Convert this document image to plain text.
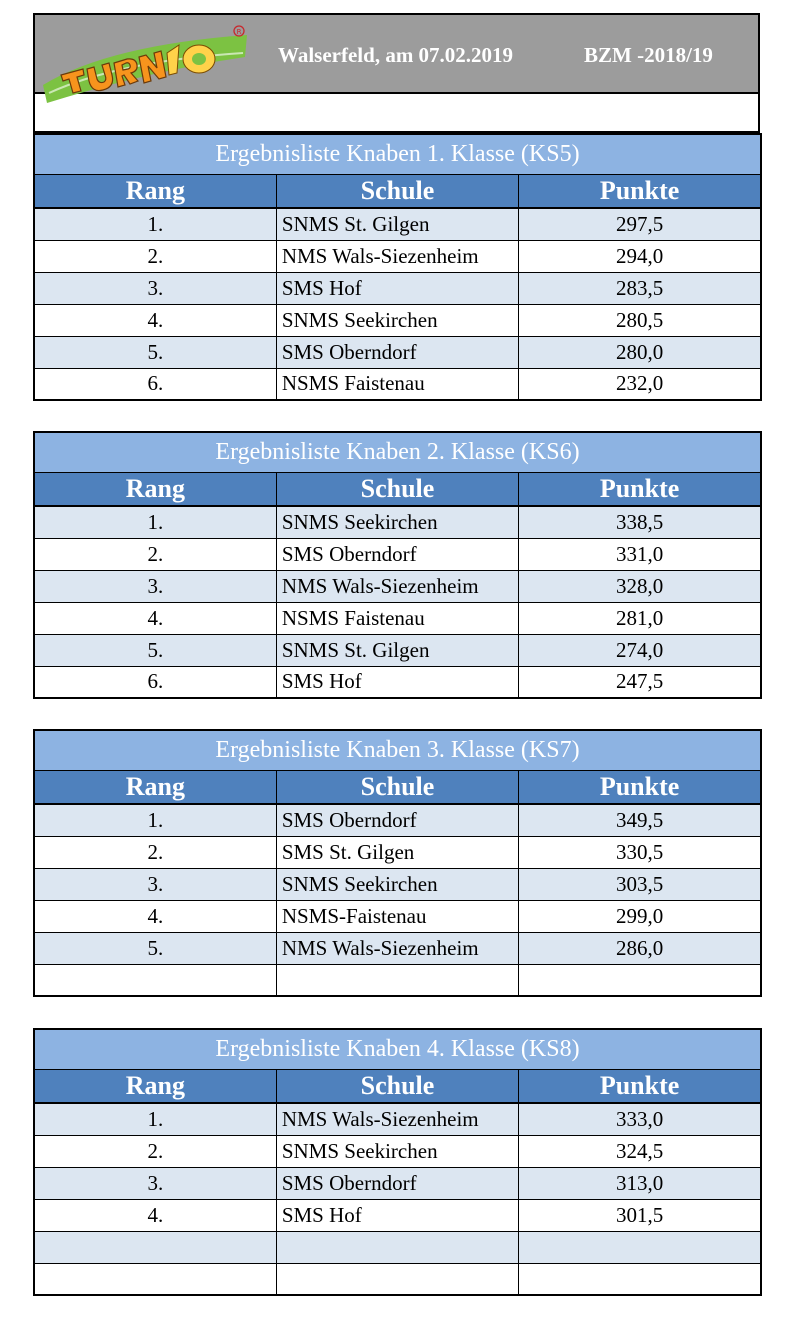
R
Walserfeld, am 07.02.2019	BZM -2018/19
Ergebnisliste Knaben 1. Klasse (KS5)		
Rang	Schule	Punkte
1.	SNMS St. Gilgen	297,5
2.	NMS Wals-Siezenheim	294,0
3.	SMS Hof	283,5
4.	SNMS Seekirchen	280,5
5.	SMS Oberndorf	280,0
6.	NSMS Faistenau	232,0
Ergebnisliste Knaben 2. Klasse (KS6)		
Rang	Schule	Punkte
1.	SNMS Seekirchen	338,5
2.	SMS Oberndorf	331,0
3.	NMS Wals-Siezenheim	328,0
4.	NSMS Faistenau	281,0
5.	SNMS St. Gilgen	274,0
6.	SMS Hof	247,5
Ergebnisliste Knaben 3. Klasse (KS7)		
Rang	Schule	Punkte
1.	SMS Oberndorf	349,5
2.	SMS St. Gilgen	330,5
3.	SNMS Seekirchen	303,5
4.	NSMS-Faistenau	299,0
5.	NMS Wals-Siezenheim	286,0

Ergebnisliste Knaben 4. Klasse (KS8)		
Rang	Schule	Punkte
1.	NMS Wals-Siezenheim	333,0
2.	SNMS Seekirchen	324,5
3.	SMS Oberndorf	313,0
4.	SMS Hof	301,5
